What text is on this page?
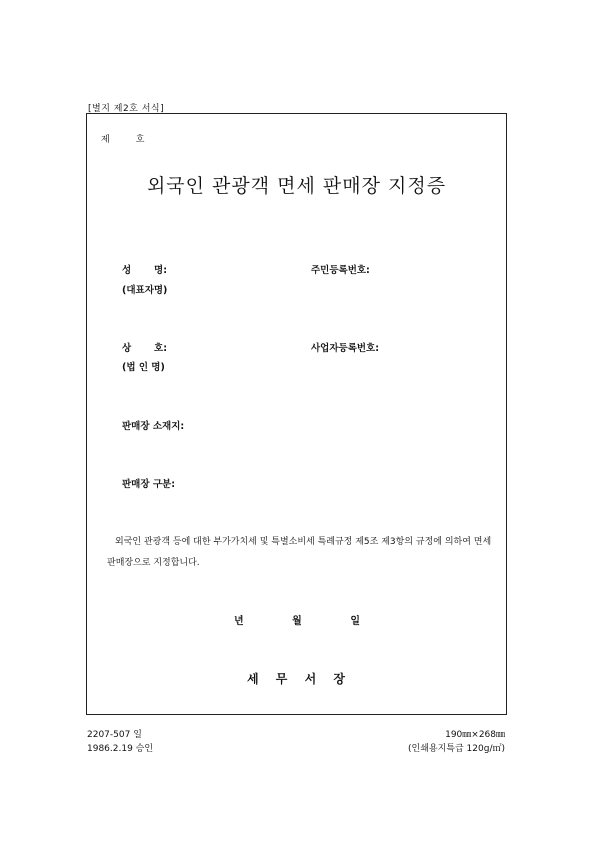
[별지 제2호 서식]
제	호
외국인 관광객 면세 판매장 지정증
성 명:
(대표자명)
주민등록번호:
상 호:
(법 인 명)
사업자등록번호:
판매장 소재지:
판매장 구분:
외국인 관광객 등에 대한 부가가치세 및 특별소비세 특례규정 제5조 제3항의 규정에 의하여 면세 판매장으로 지정합니다.
년	월	일
세 무 서 장
2207-507 일
1986.2.19 승인
190㎜×268㎜
(인쇄용지특급 120g/㎡)
